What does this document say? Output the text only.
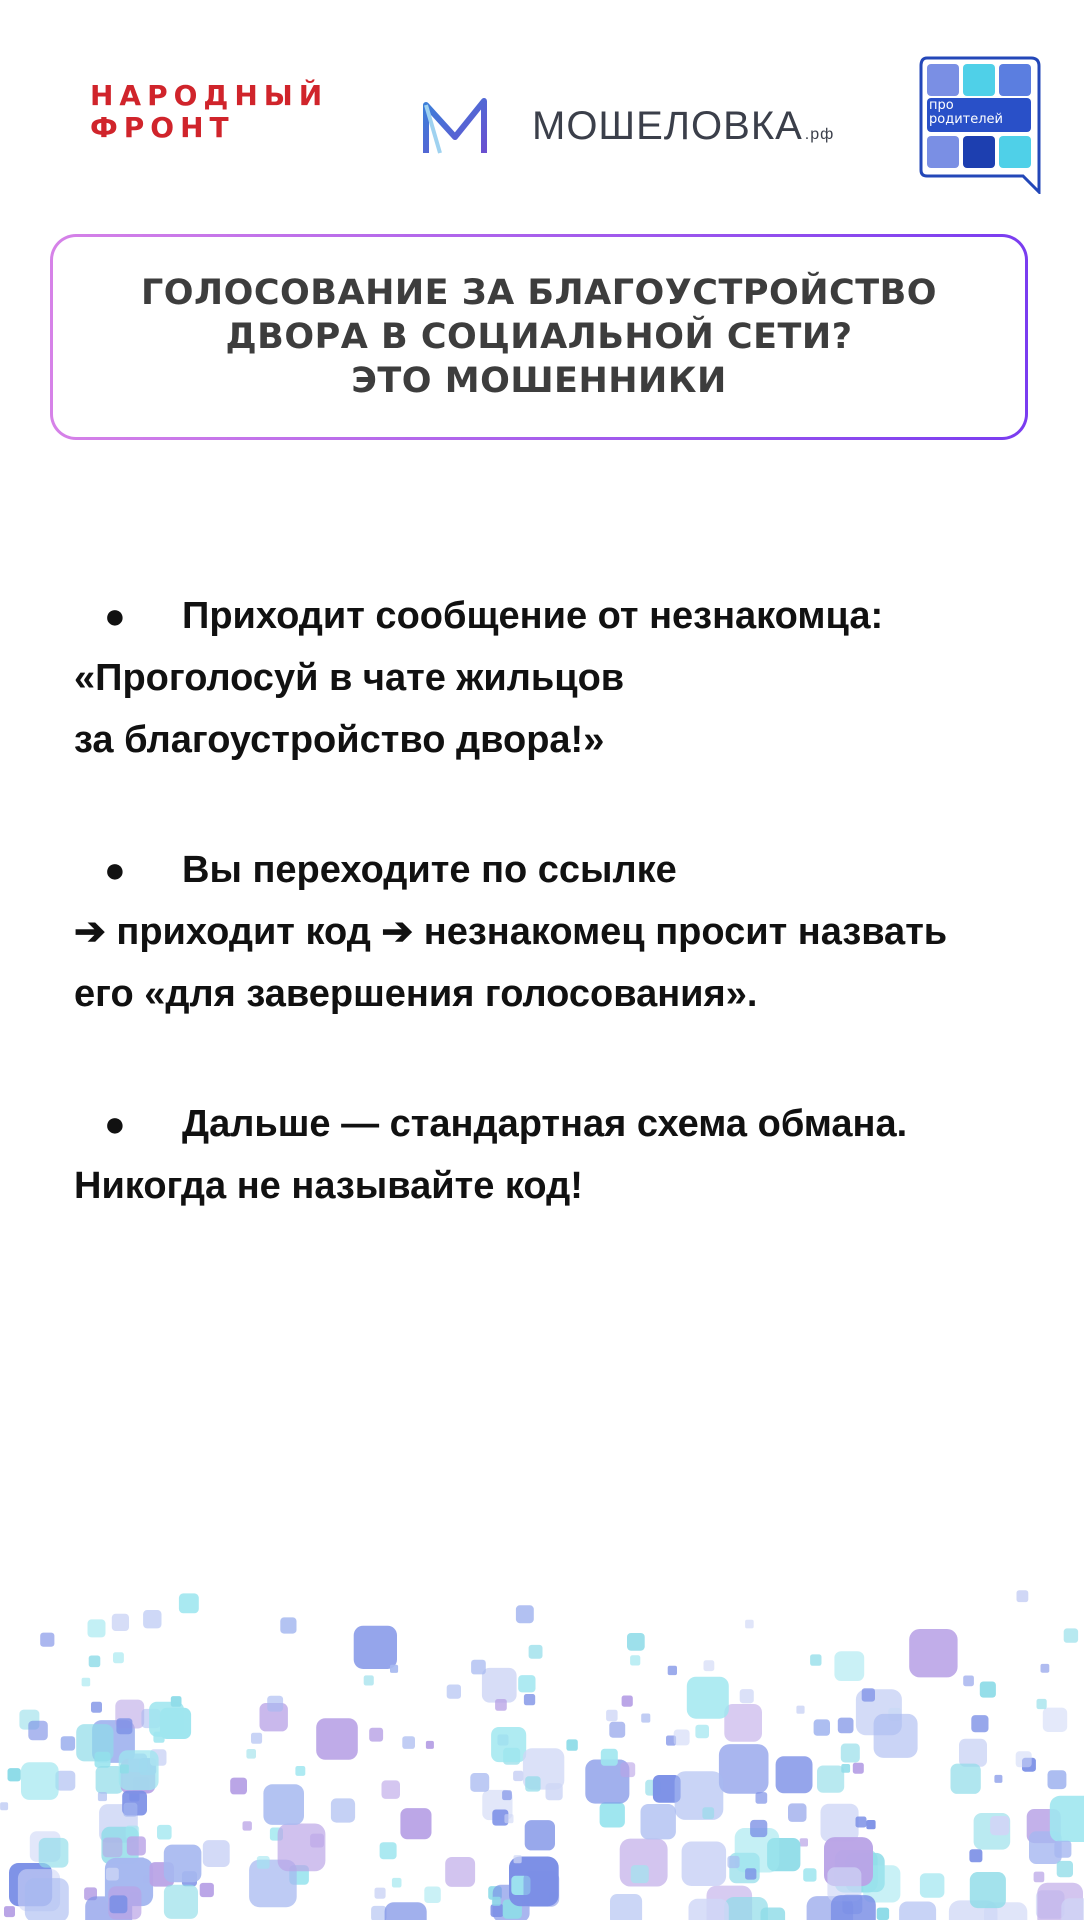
НАРОДНЫЙ
ФРОНТ	МОШЕЛОВКА .рф
про
родителей
ГОЛОСОВАНИЕ ЗА БЛАГОУСТРОЙСТВО
ДВОРА В СОЦИАЛЬНОЙ СЕТИ?
ЭТО МОШЕННИКИ
● Приходит сообщение от незнакомца:
«Проголосуй в чате жильцов
за благоустройство двора!»
● Вы переходите по ссылке
➔ приходит код ➔ незнакомец просит назвать
его «для завершения голосования».
● Дальше — стандартная схема обмана.
Никогда не называйте код!
